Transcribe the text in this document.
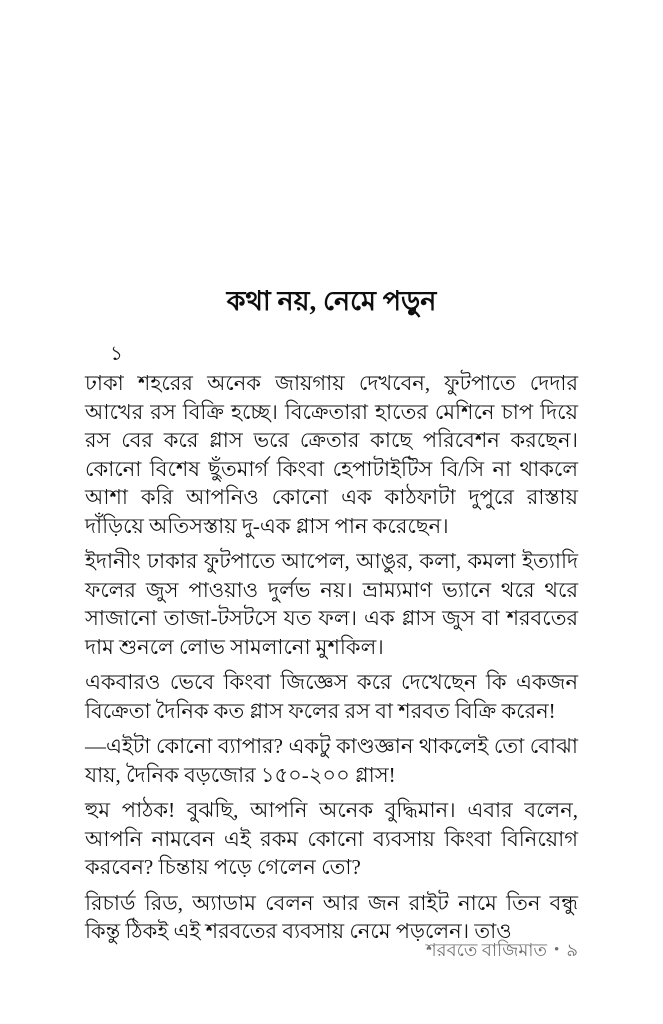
কথা নয়, নেমে পড়ুন
১

ঢাকা শহরের অনেক জায়গায় দেখবেন, ফুটপাতে দেদার আখের রস বিক্রি হচ্ছে। বিক্রেতারা হাতের মেশিনে চাপ দিয়ে রস বের করে গ্লাস ভরে ক্রেতার কাছে পরিবেশন করছেন। কোনো বিশেষ ছুঁতমার্গ কিংবা হেপাটাইটিস বি/সি না থাকলে আশা করি আপনিও কোনো এক কাঠফাটা দুপুরে রাস্তায় দাঁড়িয়ে অতিসস্তায় দু-এক গ্লাস পান করেছেন।

ইদানীং ঢাকার ফুটপাতে আপেল, আঙুর, কলা, কমলা ইত্যাদি ফলের জুস পাওয়াও দুর্লভ নয়। ভ্রাম্যমাণ ভ্যানে থরে থরে সাজানো তাজা-টসটসে যত ফল। এক গ্লাস জুস বা শরবতের দাম শুনলে লোভ সামলানো মুশকিল।

একবারও ভেবে কিংবা জিজ্ঞেস করে দেখেছেন কি একজন বিক্রেতা দৈনিক কত গ্লাস ফলের রস বা শরবত বিক্রি করেন!

—এইটা কোনো ব্যাপার? একটু কাণ্ডজ্ঞান থাকলেই তো বোঝা যায়, দৈনিক বড়জোর ১৫০-২০০ গ্লাস!

হুম পাঠক! বুঝছি, আপনি অনেক বুদ্ধিমান। এবার বলেন, আপনি নামবেন এই রকম কোনো ব্যবসায় কিংবা বিনিয়োগ করবেন? চিন্তায় পড়ে গেলেন তো?

রিচার্ড রিড, অ্যাডাম বেলন আর জন রাইট নামে তিন বন্ধু কিন্তু ঠিকই এই শরবতের ব্যবসায় নেমে পড়লেন। তাও

শরবতে বাজিমাত • ৯
